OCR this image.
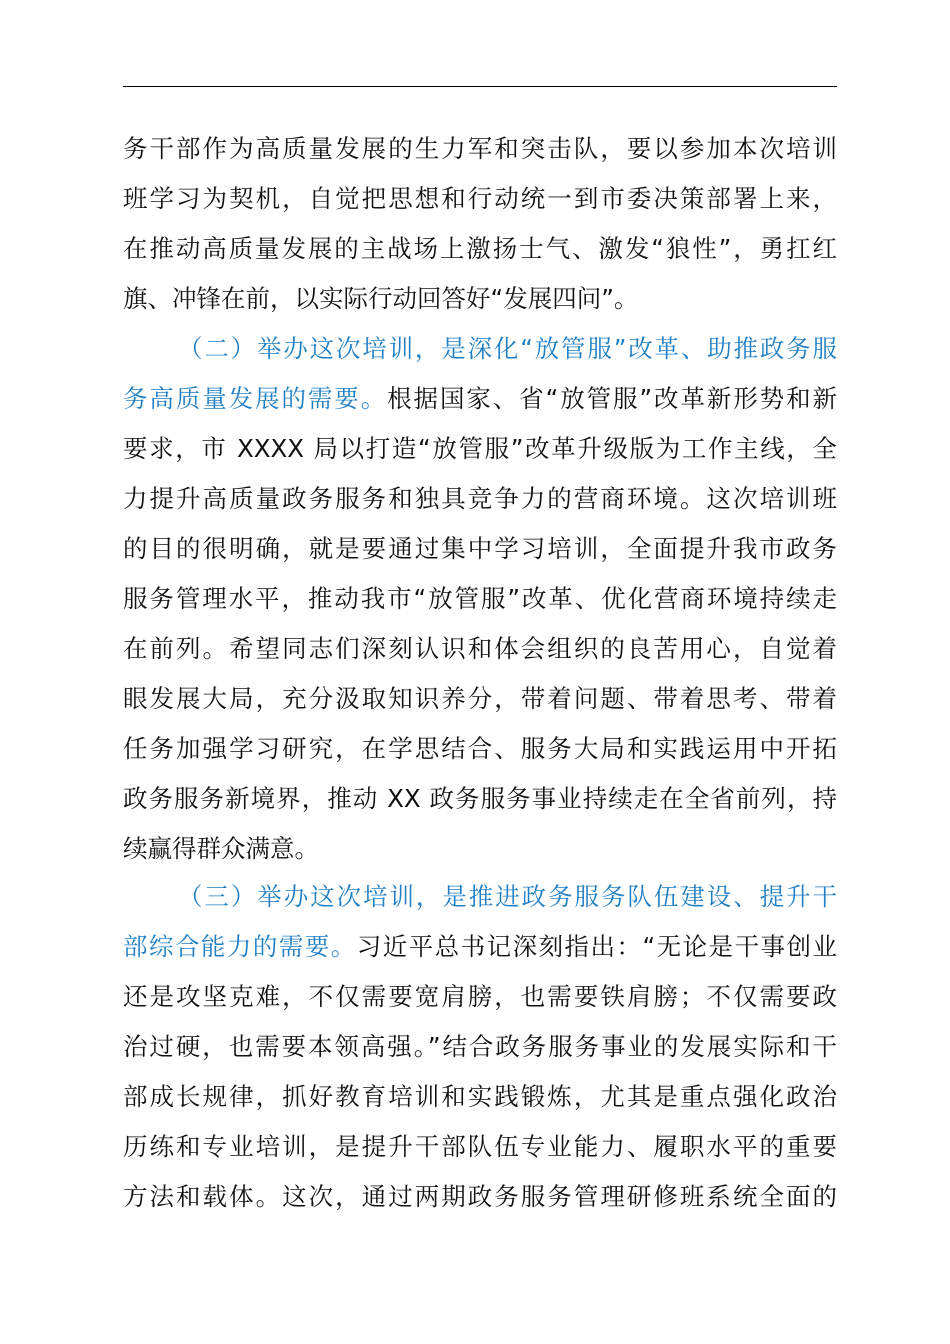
务干部作为高质量发展的生力军和突击队，要以参加本次培训
班学习为契机，自觉把思想和行动统一到市委决策部署上来，
在推动高质量发展的主战场上激扬士气、激发“狼性”，勇扛红
旗、冲锋在前，以实际行动回答好“发展四问”。
（二）举办这次培训，是深化“放管服”改革、助推政务服
务高质量发展的需要。根据国家、省“放管服”改革新形势和新
要求，市 XXXX 局以打造“放管服”改革升级版为工作主线，全
力提升高质量政务服务和独具竞争力的营商环境。这次培训班
的目的很明确，就是要通过集中学习培训，全面提升我市政务
服务管理水平，推动我市“放管服”改革、优化营商环境持续走
在前列。希望同志们深刻认识和体会组织的良苦用心，自觉着
眼发展大局，充分汲取知识养分，带着问题、带着思考、带着
任务加强学习研究，在学思结合、服务大局和实践运用中开拓
政务服务新境界，推动 XX 政务服务事业持续走在全省前列，持
续赢得群众满意。
（三）举办这次培训，是推进政务服务队伍建设、提升干
部综合能力的需要。习近平总书记深刻指出：“无论是干事创业
还是攻坚克难，不仅需要宽肩膀，也需要铁肩膀；不仅需要政
治过硬，也需要本领高强。”结合政务服务事业的发展实际和干
部成长规律，抓好教育培训和实践锻炼，尤其是重点强化政治
历练和专业培训，是提升干部队伍专业能力、履职水平的重要
方法和载体。这次，通过两期政务服务管理研修班系统全面的
